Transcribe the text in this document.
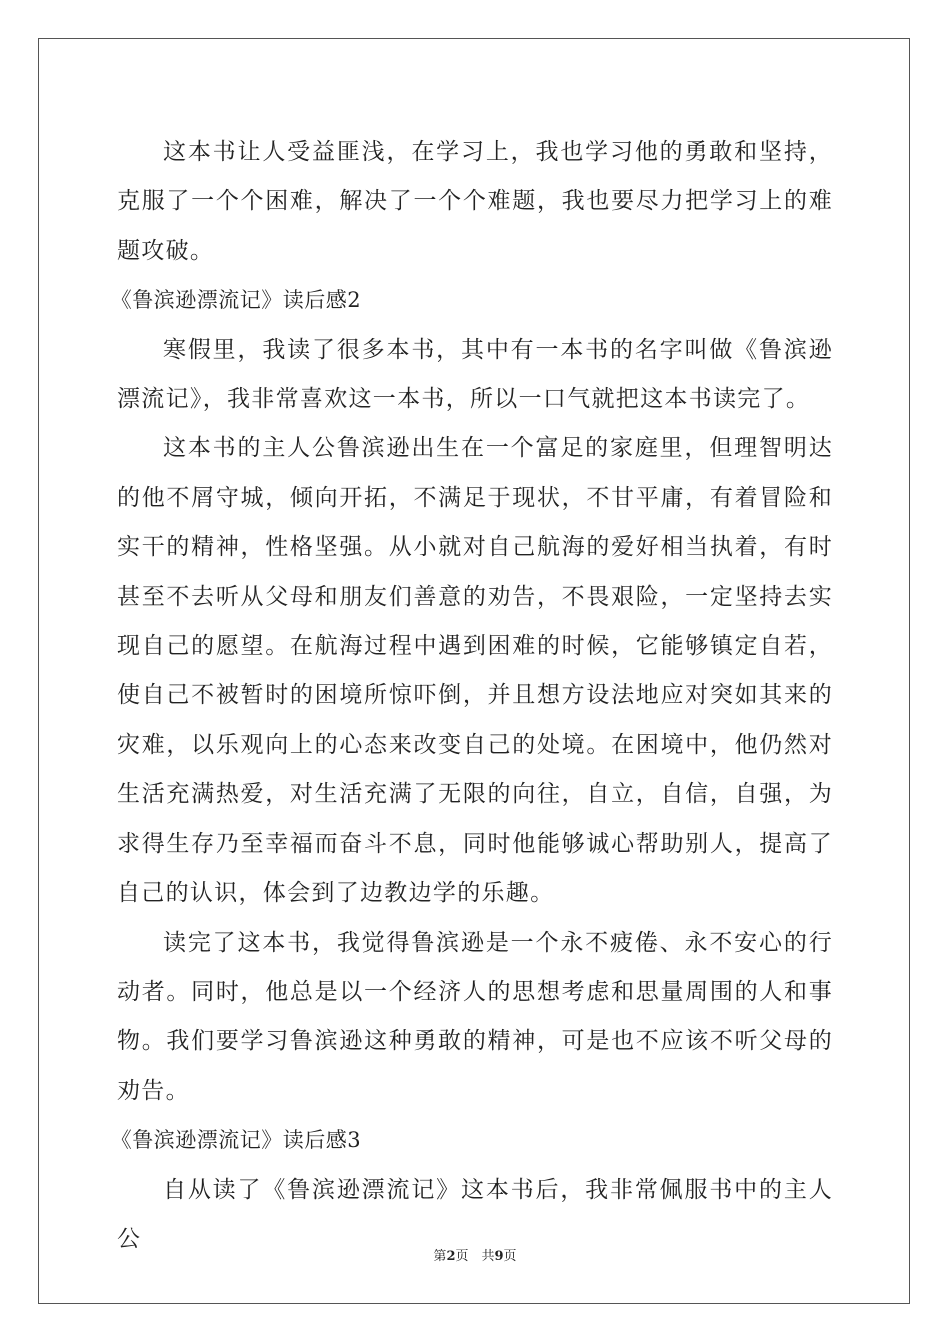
这本书让人受益匪浅，在学习上，我也学习他的勇敢和坚持，克服了一个个困难，解决了一个个难题，我也要尽力把学习上的难题攻破。

《鲁滨逊漂流记》读后感2

寒假里，我读了很多本书，其中有一本书的名字叫做《鲁滨逊漂流记》，我非常喜欢这一本书，所以一口气就把这本书读完了。

这本书的主人公鲁滨逊出生在一个富足的家庭里，但理智明达的他不屑守城，倾向开拓，不满足于现状，不甘平庸，有着冒险和实干的精神，性格坚强。从小就对自己航海的爱好相当执着，有时甚至不去听从父母和朋友们善意的劝告，不畏艰险，一定坚持去实现自己的愿望。在航海过程中遇到困难的时候，它能够镇定自若，使自己不被暂时的困境所惊吓倒，并且想方设法地应对突如其来的灾难，以乐观向上的心态来改变自己的处境。在困境中，他仍然对生活充满热爱，对生活充满了无限的向往，自立，自信，自强，为求得生存乃至幸福而奋斗不息，同时他能够诚心帮助别人，提高了自己的认识，体会到了边教边学的乐趣。

读完了这本书，我觉得鲁滨逊是一个永不疲倦、永不安心的行动者。同时，他总是以一个经济人的思想考虑和思量周围的人和事物。我们要学习鲁滨逊这种勇敢的精神，可是也不应该不听父母的劝告。

《鲁滨逊漂流记》读后感3

自从读了《鲁滨逊漂流记》这本书后，我非常佩服书中的主人公

第2页　共9页
